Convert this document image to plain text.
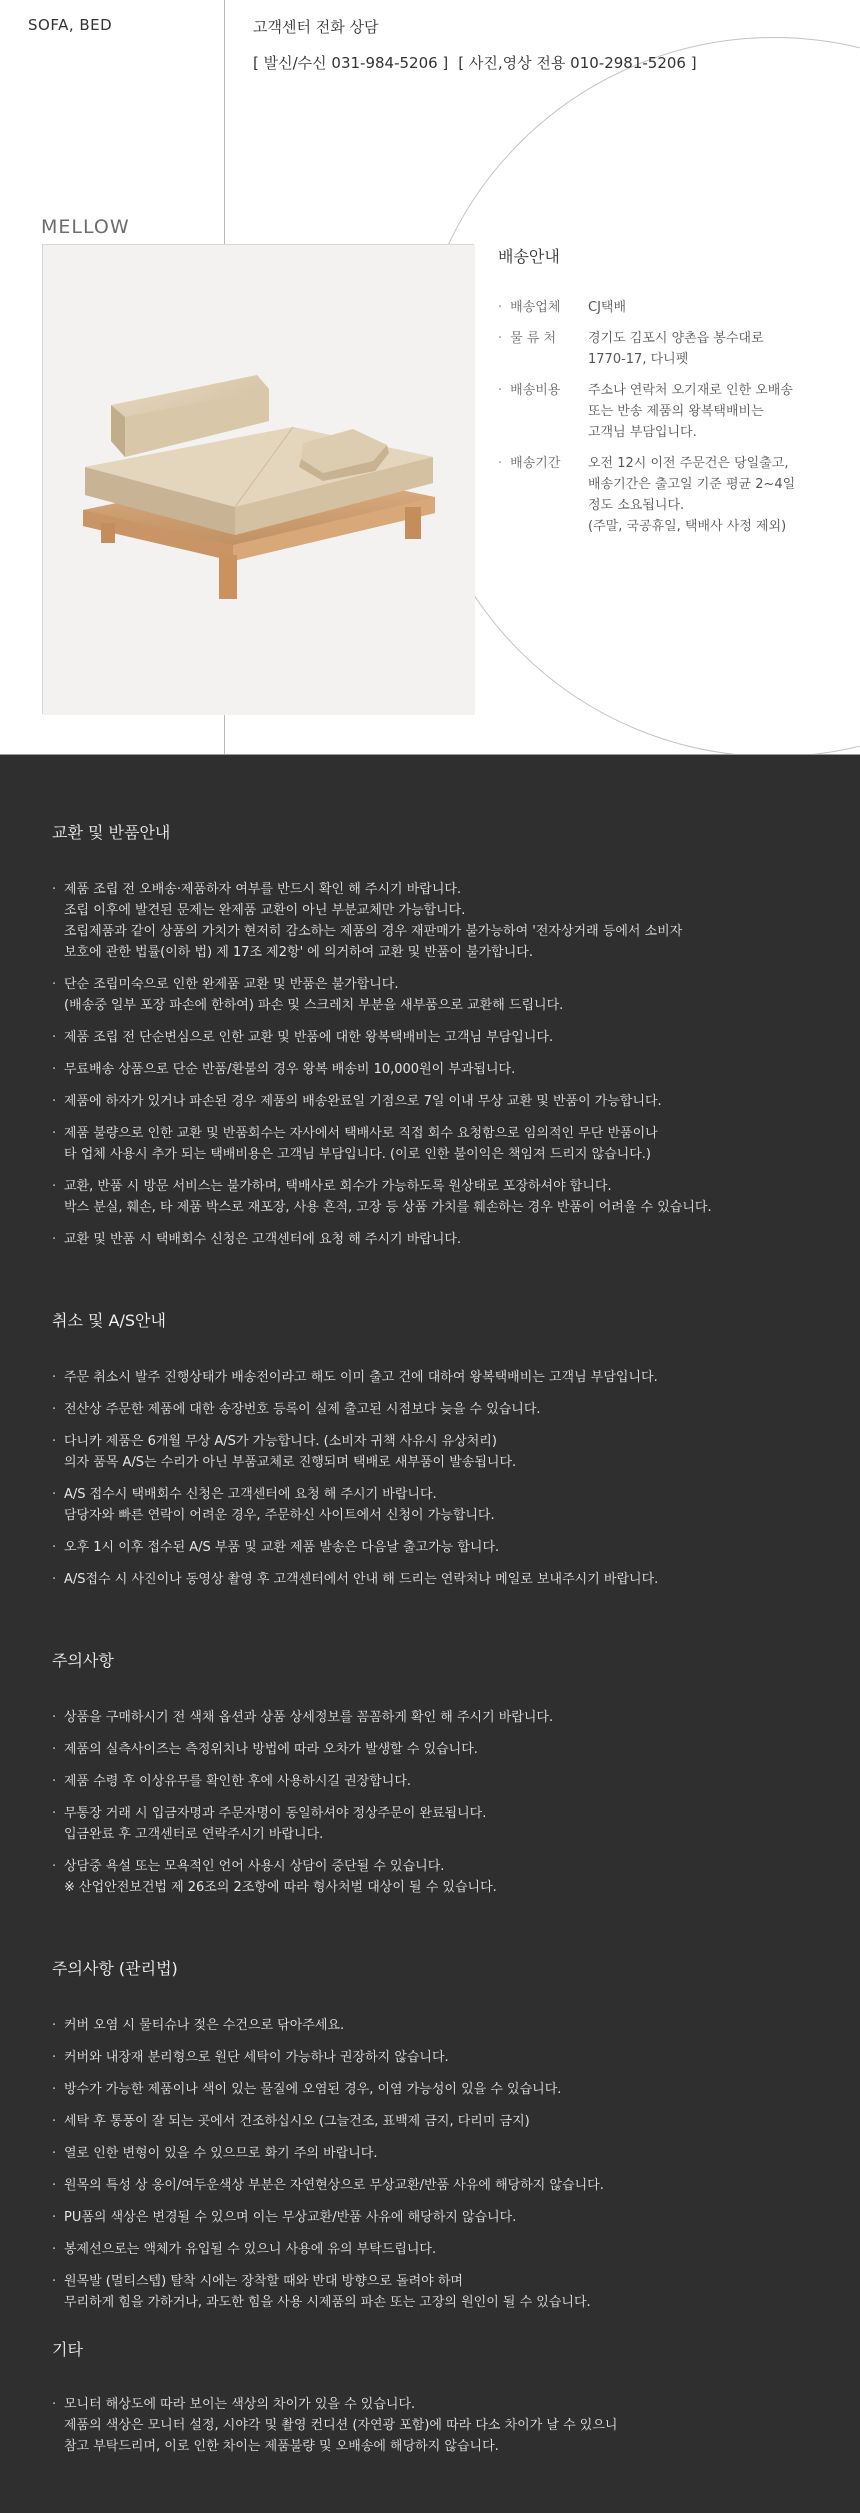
SOFA, BED	고객센터 전화 상담
[ 발신/수신 031-984-5206 ] [ 사진,영상 전용 010-2981-5206 ]
MELLOW
배송안내
· 배송업체	CJ택배
· 물 류 처	경기도 김포시 양촌읍 봉수대로
1770-17, 다니펫
· 배송비용	주소나 연락처 오기재로 인한 오배송
또는 반송 제품의 왕복택배비는
고객님 부담입니다.
· 배송기간	오전 12시 이전 주문건은 당일출고,
배송기간은 출고일 기준 평균 2~4일
정도 소요됩니다.
(주말, 국공휴일, 택배사 사정 제외)
교환 및 반품안내
· 제품 조립 전 오배송·제품하자 여부를 반드시 확인 해 주시기 바랍니다.
조립 이후에 발견된 문제는 완제품 교환이 아닌 부분교체만 가능합니다.
조립제품과 같이 상품의 가치가 현저히 감소하는 제품의 경우 재판매가 불가능하여 '전자상거래 등에서 소비자
보호에 관한 법률(이하 법) 제 17조 제2항' 에 의거하여 교환 및 반품이 불가합니다.
· 단순 조립미숙으로 인한 완제품 교환 및 반품은 불가합니다.
(배송중 일부 포장 파손에 한하여) 파손 및 스크레치 부분을 새부품으로 교환해 드립니다.
· 제품 조립 전 단순변심으로 인한 교환 및 반품에 대한 왕복택배비는 고객님 부담입니다.
· 무료배송 상품으로 단순 반품/환불의 경우 왕복 배송비 10,000원이 부과됩니다.
· 제품에 하자가 있거나 파손된 경우 제품의 배송완료일 기점으로 7일 이내 무상 교환 및 반품이 가능합니다.
· 제품 불량으로 인한 교환 및 반품회수는 자사에서 택배사로 직접 회수 요청함으로 임의적인 무단 반품이나
타 업체 사용시 추가 되는 택배비용은 고객님 부담입니다. (이로 인한 불이익은 책임져 드리지 않습니다.)
· 교환, 반품 시 방문 서비스는 불가하며, 택배사로 회수가 가능하도록 원상태로 포장하셔야 합니다.
박스 분실, 훼손, 타 제품 박스로 재포장, 사용 흔적, 고장 등 상품 가치를 훼손하는 경우 반품이 어려울 수 있습니다.
· 교환 및 반품 시 택배회수 신청은 고객센터에 요청 해 주시기 바랍니다.
취소 및 A/S안내
· 주문 취소시 발주 진행상태가 배송전이라고 해도 이미 출고 건에 대하여 왕복택배비는 고객님 부담입니다.
· 전산상 주문한 제품에 대한 송장번호 등록이 실제 출고된 시점보다 늦을 수 있습니다.
· 다니카 제품은 6개월 무상 A/S가 가능합니다. (소비자 귀책 사유시 유상처리)
의자 품목 A/S는 수리가 아닌 부품교체로 진행되며 택배로 새부품이 발송됩니다.
· A/S 접수시 택배회수 신청은 고객센터에 요청 해 주시기 바랍니다.
담당자와 빠른 연락이 어려운 경우, 주문하신 사이트에서 신청이 가능합니다.
· 오후 1시 이후 접수된 A/S 부품 및 교환 제품 발송은 다음날 출고가능 합니다.
· A/S접수 시 사진이나 동영상 촬영 후 고객센터에서 안내 해 드리는 연락처나 메일로 보내주시기 바랍니다.
주의사항
· 상품을 구매하시기 전 색채 옵션과 상품 상세정보를 꼼꼼하게 확인 해 주시기 바랍니다.
· 제품의 실측사이즈는 측정위치나 방법에 따라 오차가 발생할 수 있습니다.
· 제품 수령 후 이상유무를 확인한 후에 사용하시길 권장합니다.
· 무통장 거래 시 입금자명과 주문자명이 동일하셔야 정상주문이 완료됩니다.
입금완료 후 고객센터로 연락주시기 바랍니다.
· 상담중 욕설 또는 모욕적인 언어 사용시 상담이 중단될 수 있습니다.
※ 산업안전보건법 제 26조의 2조항에 따라 형사처벌 대상이 될 수 있습니다.
주의사항 (관리법)
· 커버 오염 시 물티슈나 젖은 수건으로 닦아주세요.
· 커버와 내장재 분리형으로 원단 세탁이 가능하나 권장하지 않습니다.
· 방수가 가능한 제품이나 색이 있는 물질에 오염된 경우, 이염 가능성이 있을 수 있습니다.
· 세탁 후 통풍이 잘 되는 곳에서 건조하십시오 (그늘건조, 표백제 금지, 다리미 금지)
· 열로 인한 변형이 있을 수 있으므로 화기 주의 바랍니다.
· 원목의 특성 상 옹이/여두운색상 부분은 자연현상으로 무상교환/반품 사유에 해당하지 않습니다.
· PU폼의 색상은 변경될 수 있으며 이는 무상교환/반품 사유에 해당하지 않습니다.
· 봉제선으로는 액체가 유입될 수 있으니 사용에 유의 부탁드립니다.
· 원목발 (멀티스텝) 탈착 시에는 장착할 때와 반대 방향으로 돌려야 하며
무리하게 힘을 가하거나, 과도한 힘을 사용 시제품의 파손 또는 고장의 원인이 될 수 있습니다.
기타
· 모니터 해상도에 따라 보이는 색상의 차이가 있을 수 있습니다.
제품의 색상은 모니터 설정, 시야각 및 촬영 컨디션 (자연광 포함)에 따라 다소 차이가 날 수 있으니
참고 부탁드리며, 이로 인한 차이는 제품불량 및 오배송에 해당하지 않습니다.
